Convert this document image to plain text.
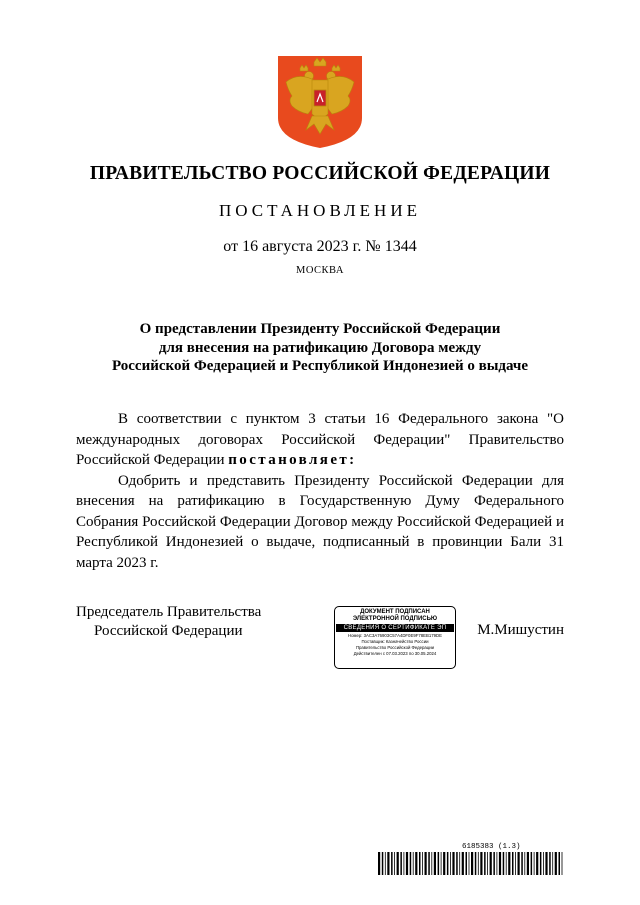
ПРАВИТЕЛЬСТВО РОССИЙСКОЙ ФЕДЕРАЦИИ
ПОСТАНОВЛЕНИЕ
от 16 августа 2023 г. № 1344
МОСКВА
О представлении Президенту Российской Федерации
для внесения на ратификацию Договора между
Российской Федерацией и Республикой Индонезией о выдаче

В соответствии с пунктом 3 статьи 16 Федерального закона "О международных договорах Российской Федерации" Правительство Российской Федерации постановляет:

Одобрить и представить Президенту Российской Федерации для внесения на ратификацию в Государственную Думу Федерального Собрания Российской Федерации Договор между Российской Федерацией и Республикой Индонезией о выдаче, подписанный в провинции Бали 31 марта 2023 г.

Председатель Правительства
Российской Федерации
ДОКУМЕНТ ПОДПИСАН
ЭЛЕКТРОННОЙ ПОДПИСЬЮ
СВЕДЕНИЯ О СЕРТИФИКАТЕ ЭП
Номер: 3AC3A76903C57A4DF0E9F78EB179DE
Поставщик: Казначейство России
Правительство Российской Федерации
Действителен с 07.03.2023 по 30.05.2024
М.Мишустин
6185383 (1.3)
